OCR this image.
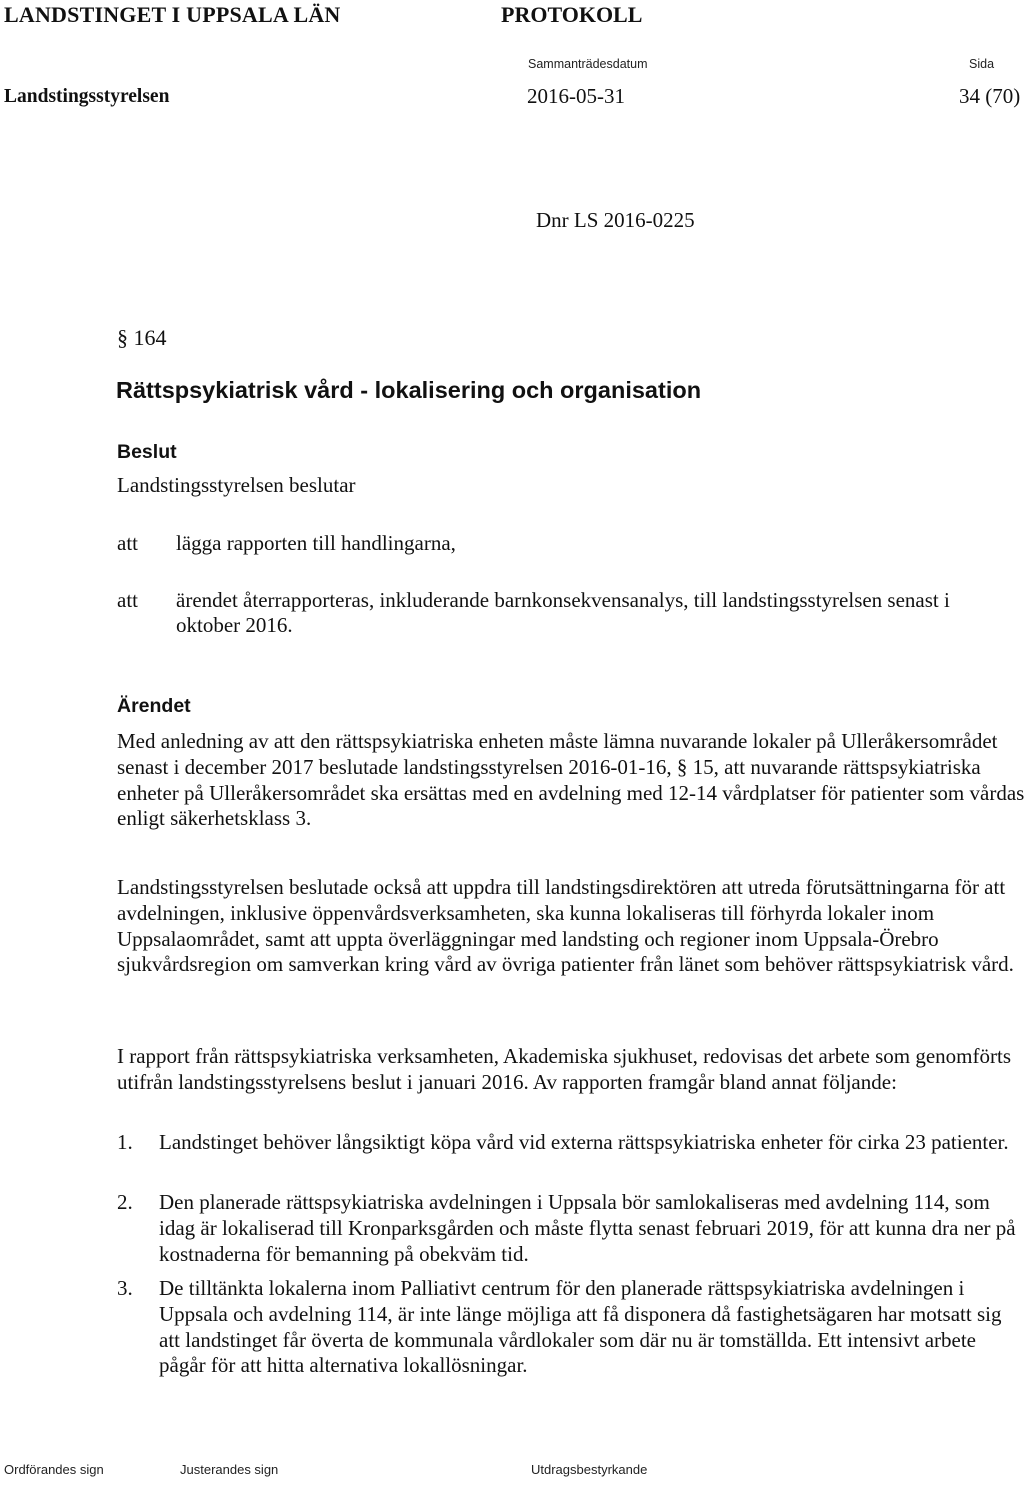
LANDSTINGET I UPPSALA LÄN	PROTOKOLL
Sammanträdesdatum	Sida
Landstingsstyrelsen	2016-05-31	34 (70)
Dnr LS 2016-0225
§ 164
Rättspsykiatrisk vård - lokalisering och organisation
Beslut
Landstingsstyrelsen beslutar
att lägga rapporten till handlingarna,
att ärendet återrapporteras, inkluderande barnkonsekvensanalys, till landstingsstyrelsen senast i oktober 2016.
Ärendet
Med anledning av att den rättspsykiatriska enheten måste lämna nuvarande lokaler på Ulleråkersområdet senast i december 2017 beslutade landstingsstyrelsen 2016-01-16, § 15, att nuvarande rättspsykiatriska enheter på Ulleråkersområdet ska ersättas med en avdelning med 12-14 vårdplatser för patienter som vårdas enligt säkerhetsklass 3.
Landstingsstyrelsen beslutade också att uppdra till landstingsdirektören att utreda förutsättningarna för att avdelningen, inklusive öppenvårdsverksamheten, ska kunna lokaliseras till förhyrda lokaler inom Uppsalaområdet, samt att uppta överläggningar med landsting och regioner inom Uppsala-Örebro sjukvårdsregion om samverkan kring vård av övriga patienter från länet som behöver rättspsykiatrisk vård.
I rapport från rättspsykiatriska verksamheten, Akademiska sjukhuset, redovisas det arbete som genomförts utifrån landstingsstyrelsens beslut i januari 2016. Av rapporten framgår bland annat följande:
1. Landstinget behöver långsiktigt köpa vård vid externa rättspsykiatriska enheter för cirka 23 patienter.
2. Den planerade rättspsykiatriska avdelningen i Uppsala bör samlokaliseras med avdelning 114, som idag är lokaliserad till Kronparksgården och måste flytta senast februari 2019, för att kunna dra ner på kostnaderna för bemanning på obekväm tid.
3. De tilltänkta lokalerna inom Palliativt centrum för den planerade rättspsykiatriska avdelningen i Uppsala och avdelning 114, är inte länge möjliga att få disponera då fastighetsägaren har motsatt sig att landstinget får överta de kommunala vårdlokaler som där nu är tomställda. Ett intensivt arbete pågår för att hitta alternativa lokallösningar.
Ordförandes sign	Justerandes sign	Utdragsbestyrkande
